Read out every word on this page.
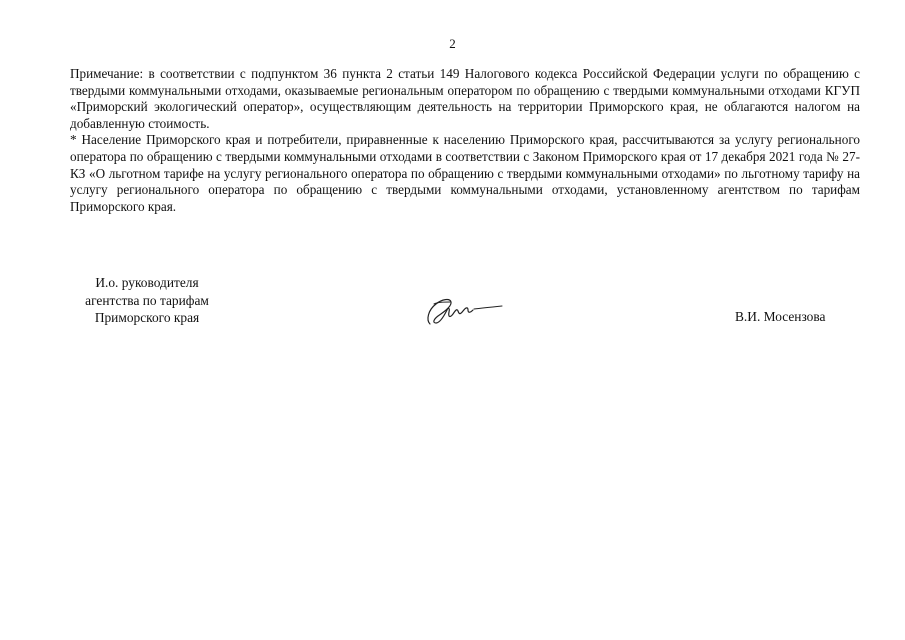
2

Примечание: в соответствии с подпунктом 36 пункта 2 статьи 149 Налогового кодекса Российской Федерации услуги по обращению с твердыми коммунальными отходами, оказываемые региональным оператором по обращению с твердыми коммунальными отходами КГУП «Приморский экологический оператор», осуществляющим деятельность на территории Приморского края, не облагаются налогом на добавленную стоимость.

* Население Приморского края и потребители, приравненные к населению Приморского края, рассчитываются за услугу регионального оператора по обращению с твердыми коммунальными отходами в соответствии с Законом Приморского края от 17 декабря 2021 года № 27-КЗ «О льготном тарифе на услугу регионального оператора по обращению с твердыми коммунальными отходами» по льготному тарифу на услугу регионального оператора по обращению с твердыми коммунальными отходами, установленному агентством по тарифам Приморского края.

И.о. руководителя
агентства по тарифам
Приморского края	В.И. Мосензова
